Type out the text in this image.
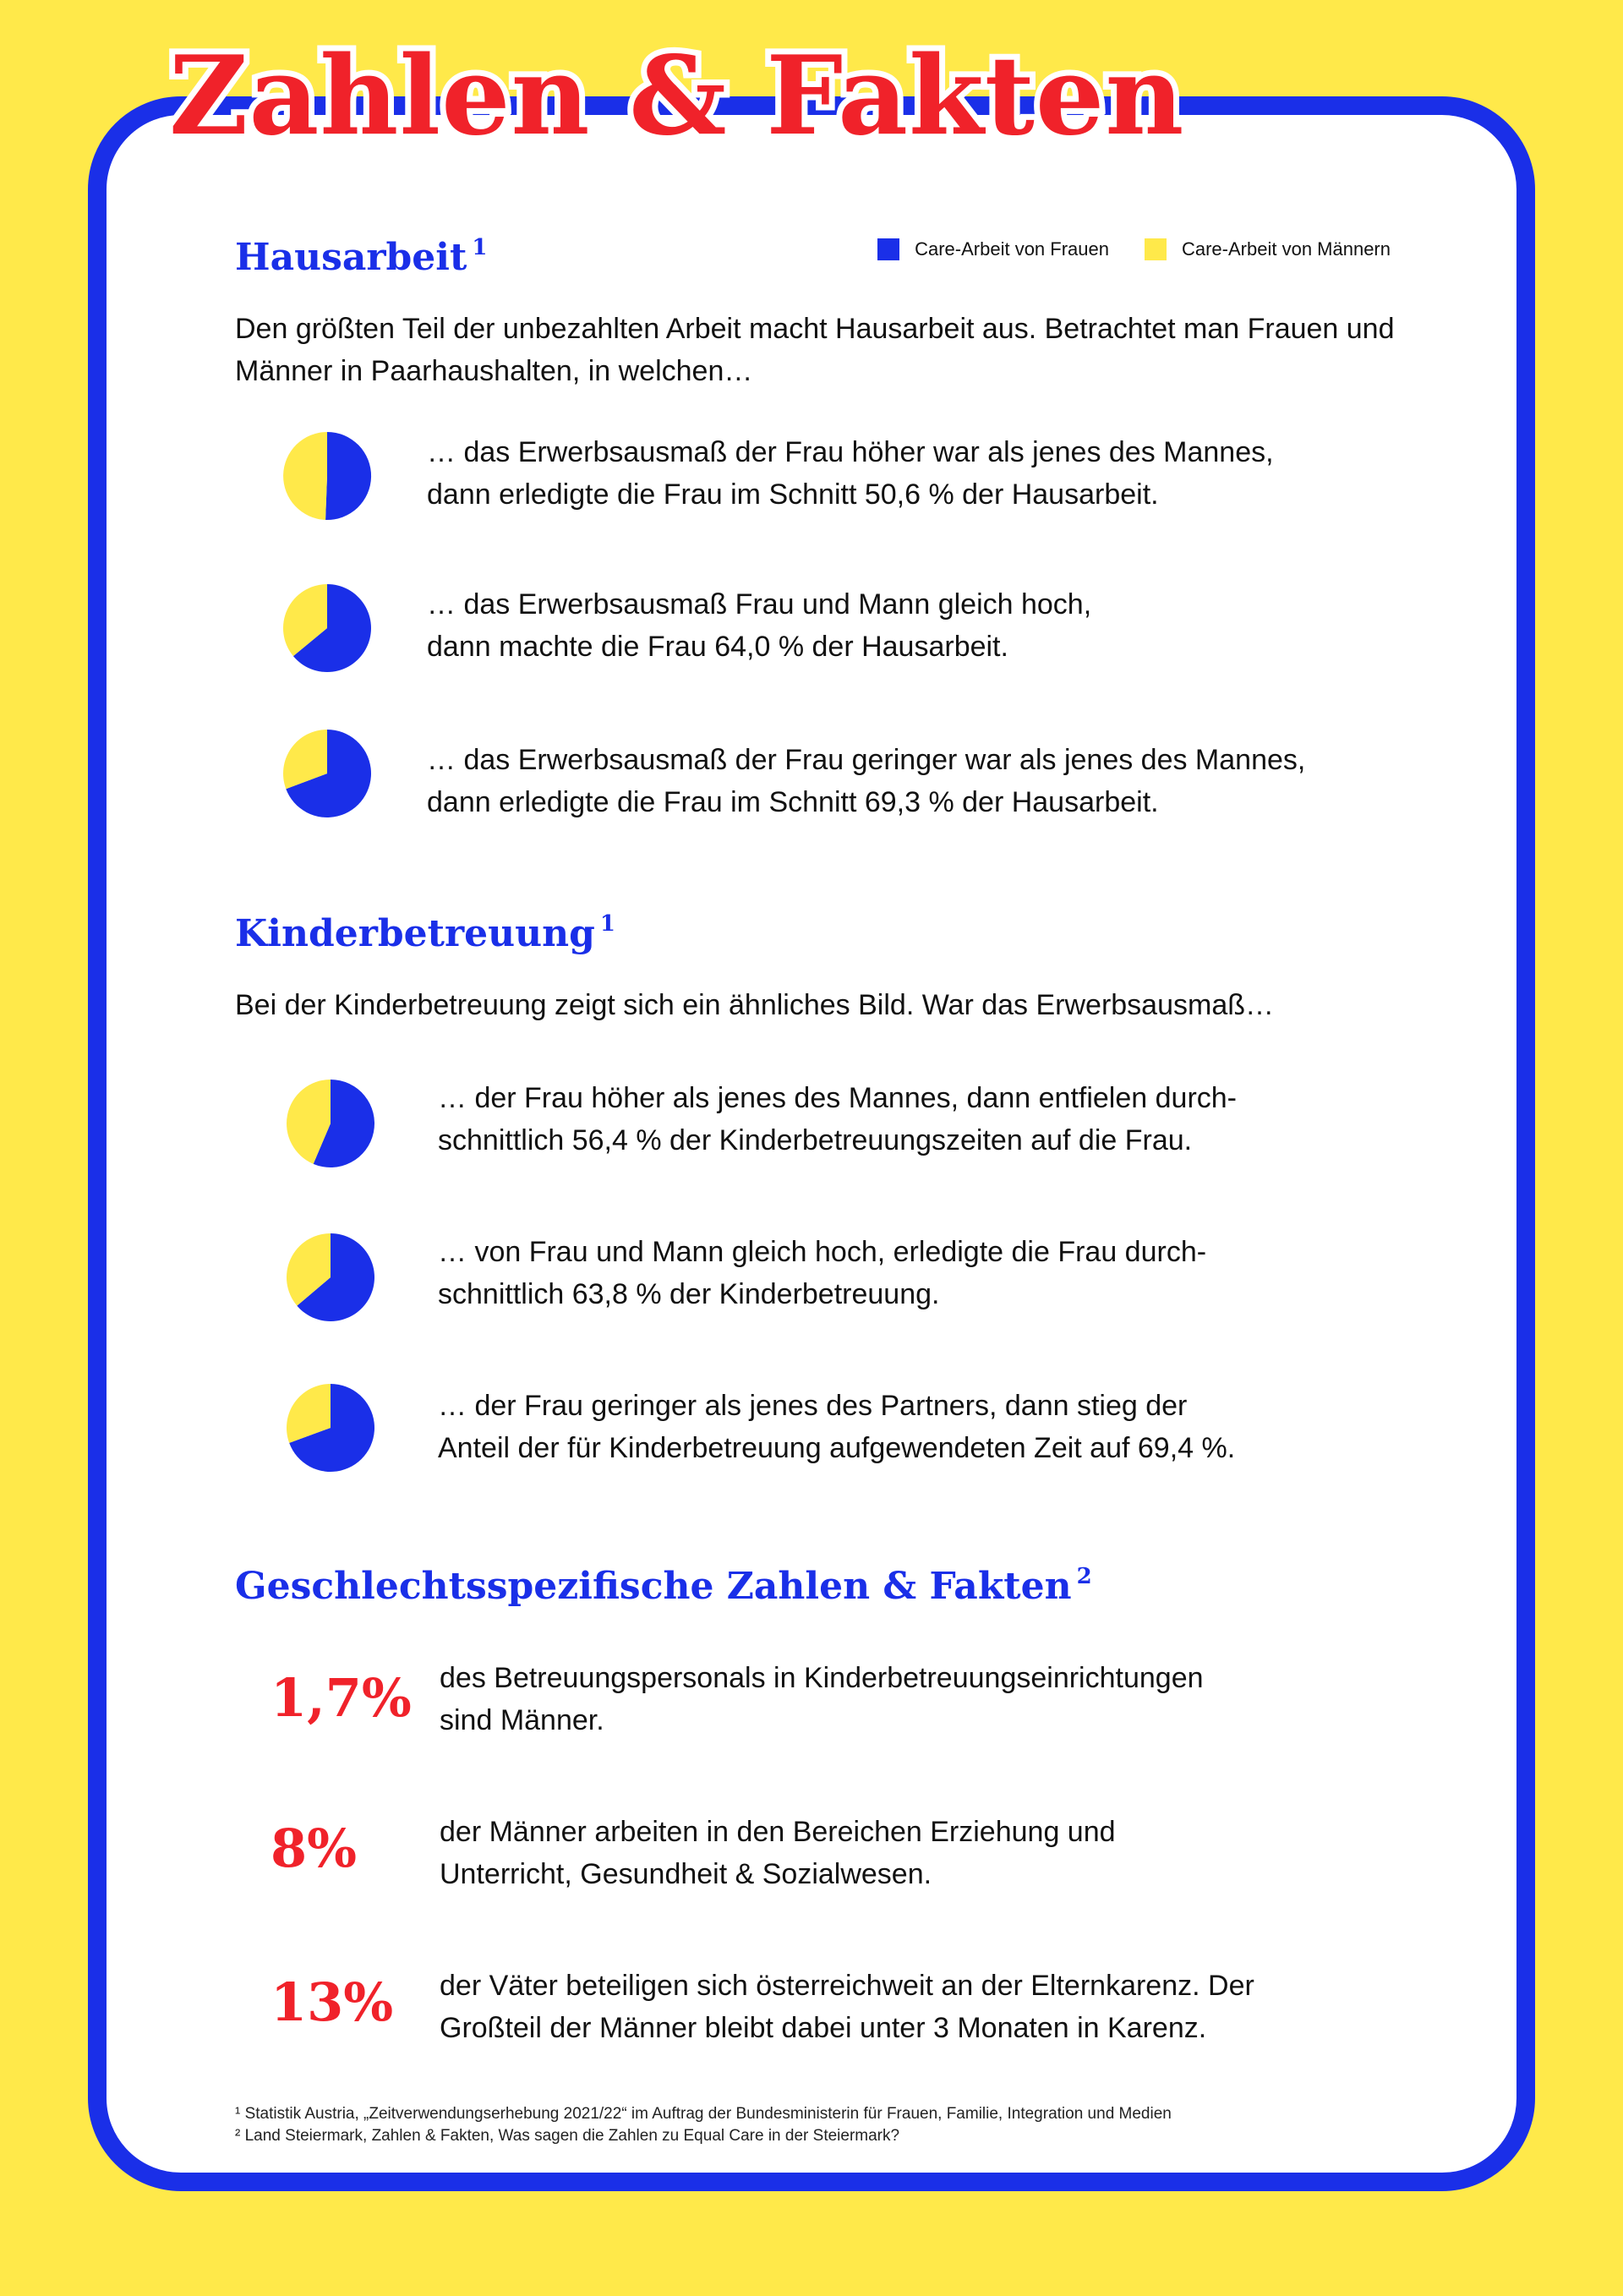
Zahlen & Fakten
Care-Arbeit von Frauen	Care-Arbeit von Männern
Hausarbeit $^1$

Den größten Teil der unbezahlten Arbeit macht Hausarbeit aus. Betrachtet man Frauen und Männer in Paarhaushalten, in welchen…

… das Erwerbsausmaß der Frau höher war als jenes des Mannes,
dann erledigte die Frau im Schnitt 50,6 % der Hausarbeit.

… das Erwerbsausmaß Frau und Mann gleich hoch,
dann machte die Frau 64,0 % der Hausarbeit.

… das Erwerbsausmaß der Frau geringer war als jenes des Mannes,
dann erledigte die Frau im Schnitt 69,3 % der Hausarbeit.

Kinderbetreuung $^1$

Bei der Kinderbetreuung zeigt sich ein ähnliches Bild. War das Erwerbsausmaß…

… der Frau höher als jenes des Mannes, dann entfielen durch-
schnittlich 56,4 % der Kinderbetreuungszeiten auf die Frau.

… von Frau und Mann gleich hoch, erledigte die Frau durch-
schnittlich 63,8 % der Kinderbetreuung.

… der Frau geringer als jenes des Partners, dann stieg der
Anteil der für Kinderbetreuung aufgewendeten Zeit auf 69,4 %.

Geschlechtsspezifische Zahlen & Fakten $^2$

1,7% des Betreuungspersonals in Kinderbetreuungseinrichtungen
sind Männer.

8%	der Männer arbeiten in den Bereichen Erziehung und
Unterricht, Gesundheit & Sozialwesen.

13% der Väter beteiligen sich österreichweit an der Elternkarenz. Der
Großteil der Männer bleibt dabei unter 3 Monaten in Karenz.

¹ Statistik Austria, „Zeitverwendungserhebung 2021/22“ im Auftrag der Bundesministerin für Frauen, Familie, Integration und Medien
² Land Steiermark, Zahlen & Fakten, Was sagen die Zahlen zu Equal Care in der Steiermark?
